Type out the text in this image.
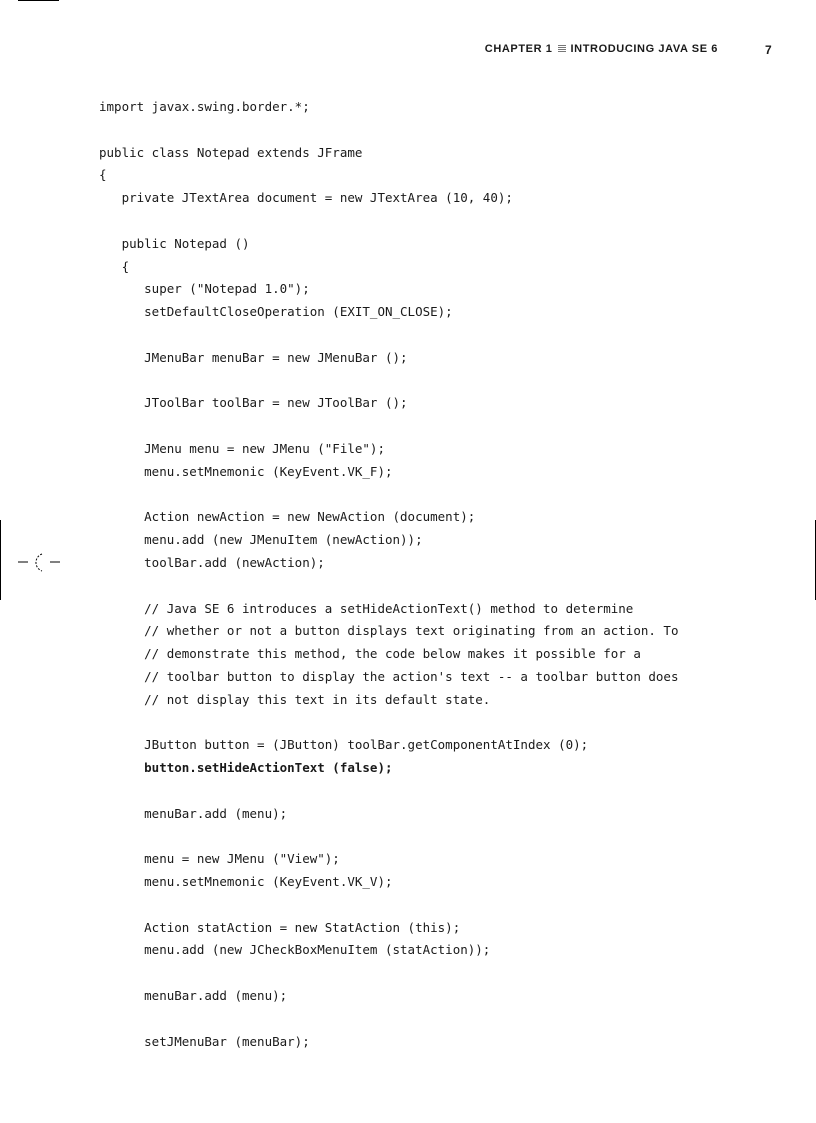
CHAPTER 1 INTRODUCING JAVA SE 6	7
import javax.swing.border.*;
public class Notepad extends JFrame
{
private JTextArea document = new JTextArea (10, 40);
public Notepad ()
{
super ("Notepad 1.0");
setDefaultCloseOperation (EXIT_ON_CLOSE);
JMenuBar menuBar = new JMenuBar ();
JToolBar toolBar = new JToolBar ();
JMenu menu = new JMenu ("File");
menu.setMnemonic (KeyEvent.VK_F);
Action newAction = new NewAction (document);
menu.add (new JMenuItem (newAction));
toolBar.add (newAction);
// Java SE 6 introduces a setHideActionText() method to determine
// whether or not a button displays text originating from an action. To
// demonstrate this method, the code below makes it possible for a
// toolbar button to display the action's text -- a toolbar button does
// not display this text in its default state.
JButton button = (JButton) toolBar.getComponentAtIndex (0);
button.setHideActionText (false);
menuBar.add (menu);
menu = new JMenu ("View");
menu.setMnemonic (KeyEvent.VK_V);
Action statAction = new StatAction (this);
menu.add (new JCheckBoxMenuItem (statAction));
menuBar.add (menu);
setJMenuBar (menuBar);
